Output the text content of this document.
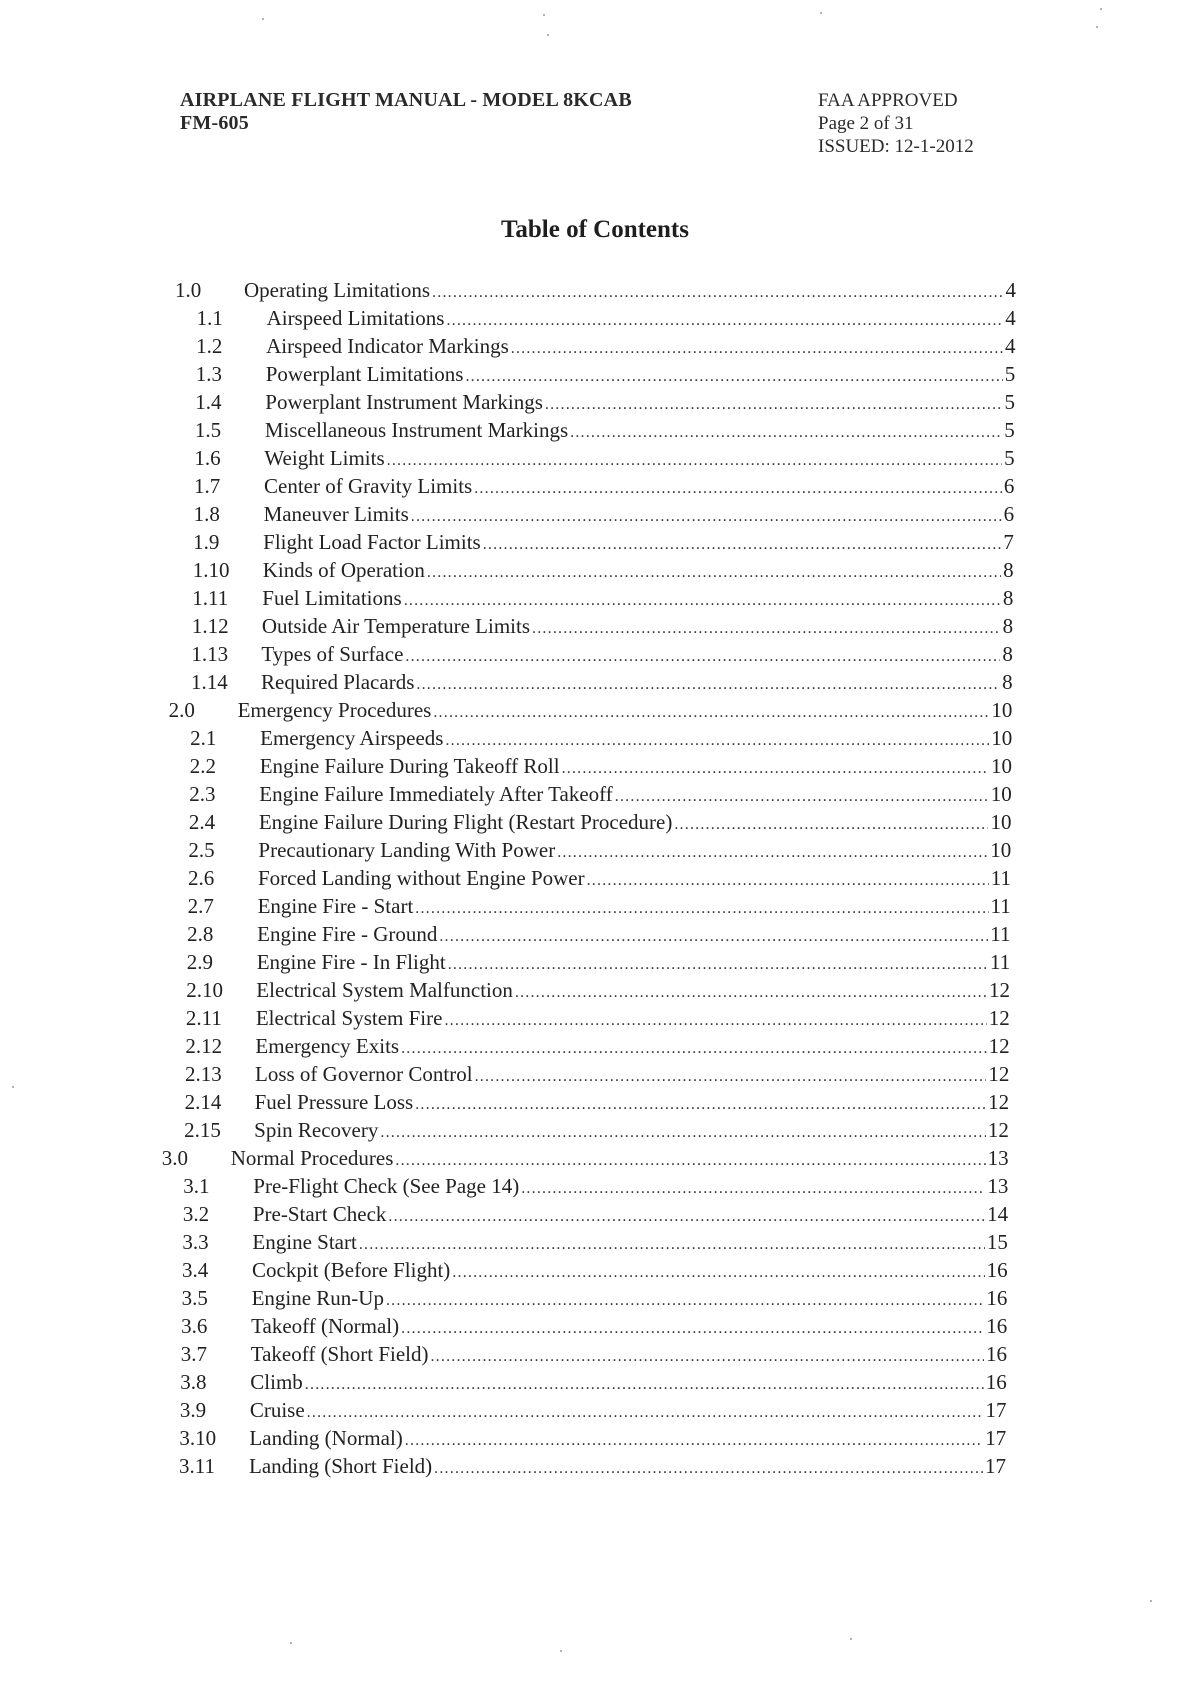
AIRPLANE FLIGHT MANUAL - MODEL 8KCAB
FM-605
FAA APPROVED
Page 2 of 31
ISSUED: 12-1-2012
Table of Contents
1.0	Operating Limitations .....	4
1.1	Airspeed Limitations .....	4
1.2	Airspeed Indicator Markings .....	4
1.3	Powerplant Limitations .....	5
1.4	Powerplant Instrument Markings .....	5
1.5	Miscellaneous Instrument Markings .....	5
1.6	Weight Limits .....	5
1.7	Center of Gravity Limits .....	6
1.8	Maneuver Limits .....	6
1.9	Flight Load Factor Limits .....	7
1.10	Kinds of Operation .....	8
1.11	Fuel Limitations .....	8
1.12	Outside Air Temperature Limits .....	8
1.13	Types of Surface .....	8
1.14	Required Placards .....	8
2.0	Emergency Procedures .....	10
2.1	Emergency Airspeeds .....	10
2.2	Engine Failure During Takeoff Roll .....	10
2.3	Engine Failure Immediately After Takeoff .....	10
2.4	Engine Failure During Flight (Restart Procedure) .....	10
2.5	Precautionary Landing With Power .....	10
2.6	Forced Landing without Engine Power .....	11
2.7	Engine Fire - Start .....	11
2.8	Engine Fire - Ground .....	11
2.9	Engine Fire - In Flight .....	11
2.10	Electrical System Malfunction .....	12
2.11	Electrical System Fire .....	12
2.12	Emergency Exits .....	12
2.13	Loss of Governor Control .....	12
2.14	Fuel Pressure Loss .....	12
2.15	Spin Recovery .....	12
3.0	Normal Procedures .....	13
3.1	Pre-Flight Check (See Page 14) .....	13
3.2	Pre-Start Check .....	14
3.3	Engine Start .....	15
3.4	Cockpit (Before Flight) .....	16
3.5	Engine Run-Up .....	16
3.6	Takeoff (Normal) .....	16
3.7	Takeoff (Short Field) .....	16
3.8	Climb .....	16
3.9	Cruise .....	17
3.10	Landing (Normal) .....	17
3.11	Landing (Short Field) .....	17
